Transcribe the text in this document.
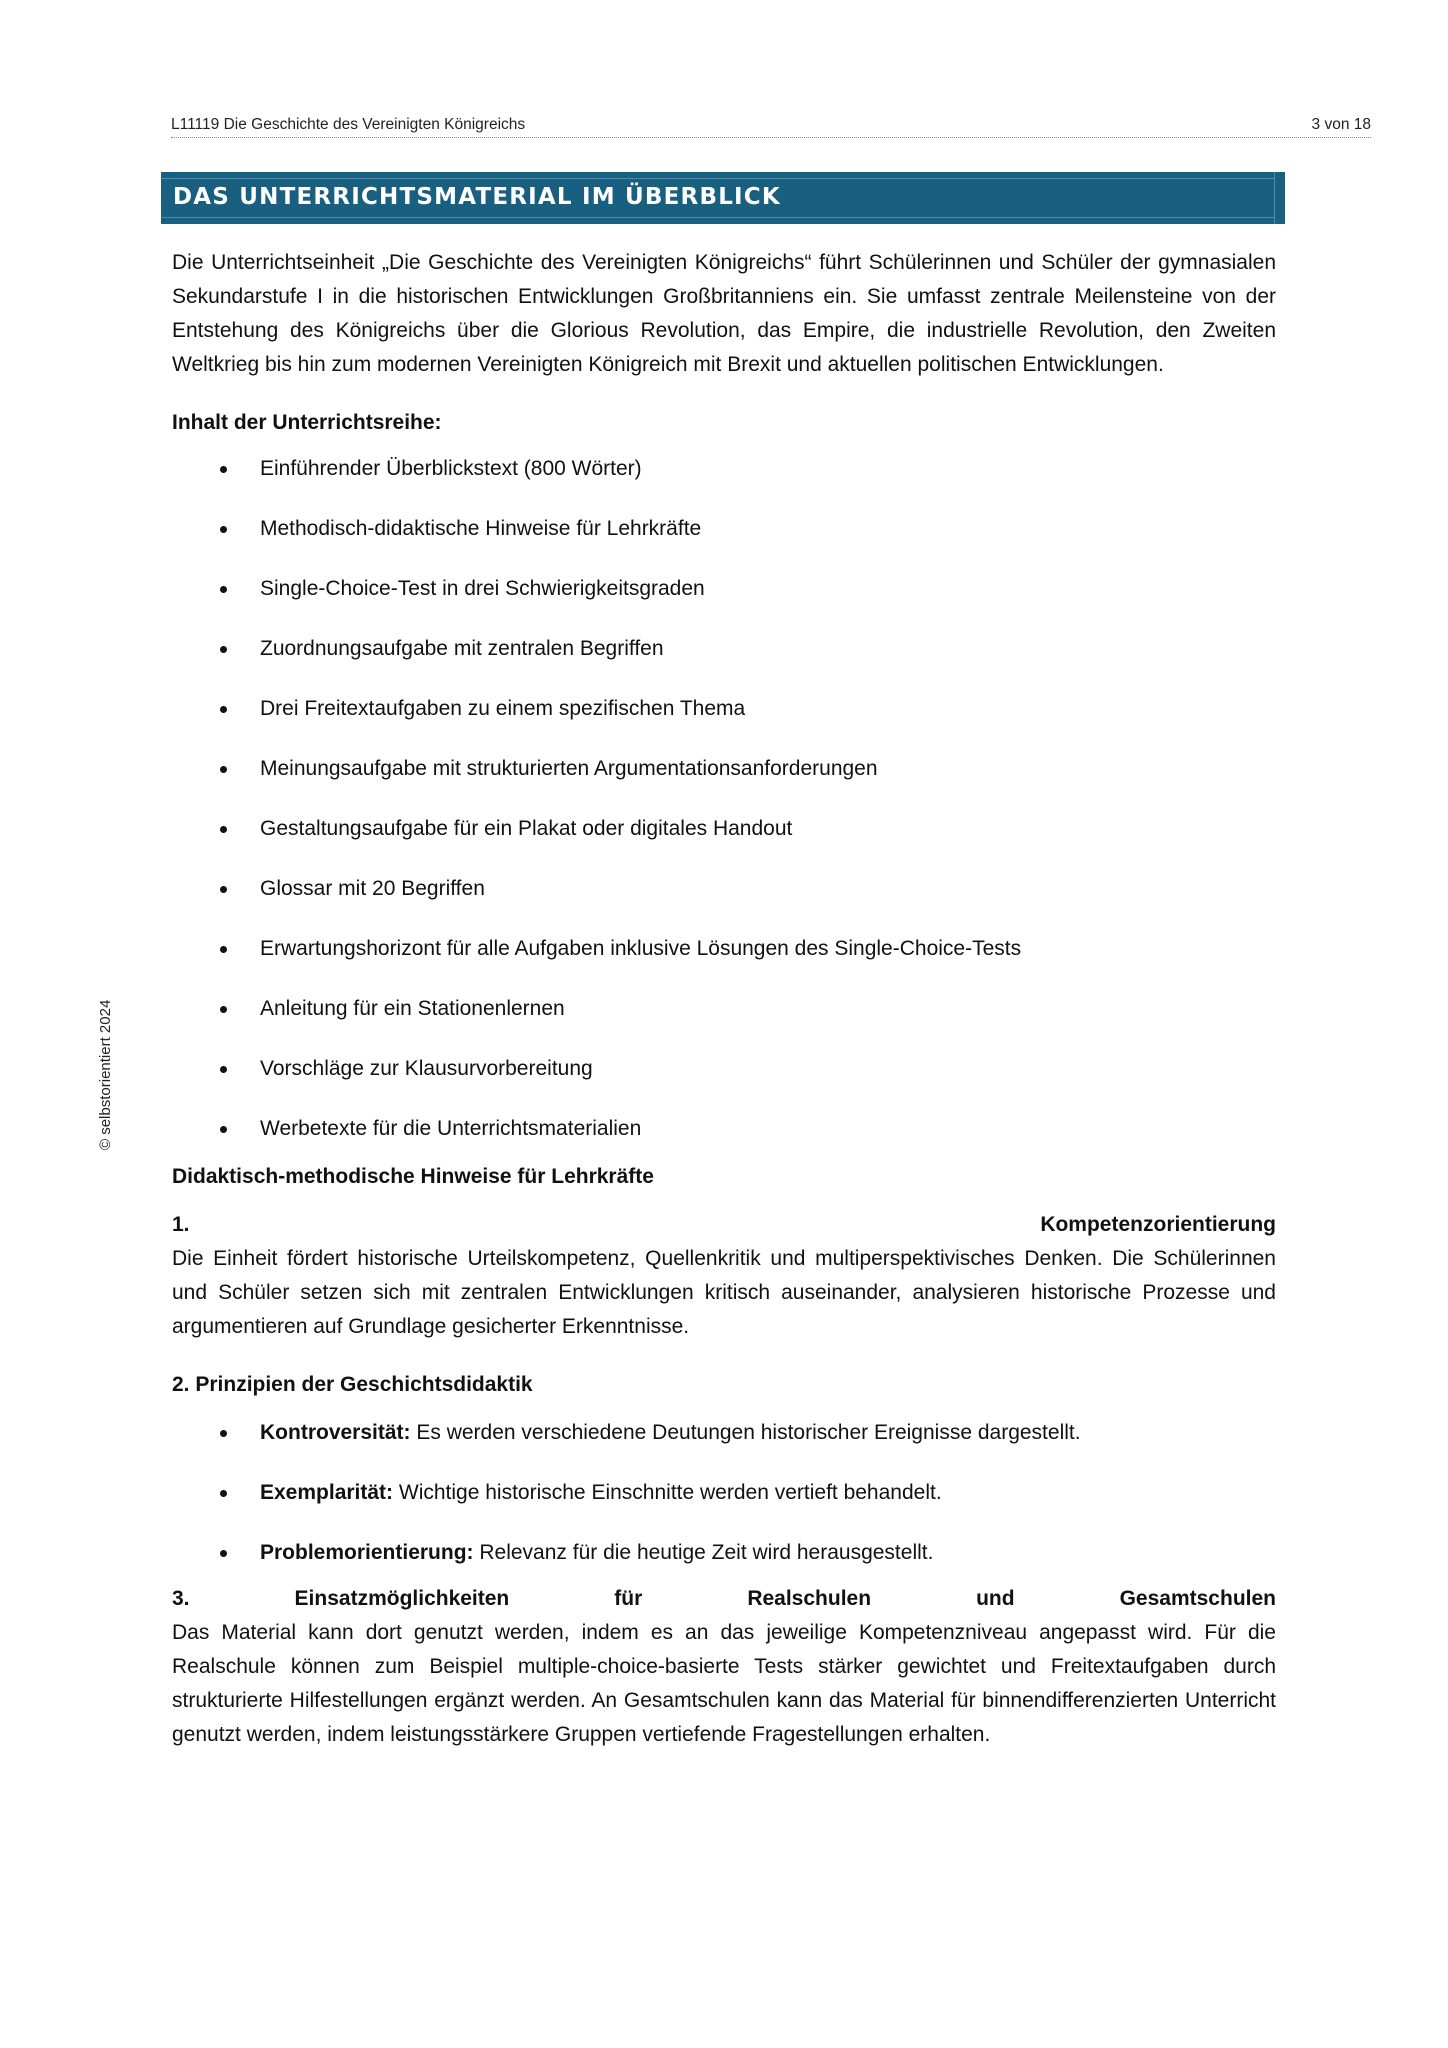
L11119 Die Geschichte des Vereinigten Königreichs	3 von 18
DAS UNTERRICHTSMATERIAL IM ÜBERBLICK
© selbstorientiert 2024

Die Unterrichtseinheit „Die Geschichte des Vereinigten Königreichs“ führt Schülerinnen und Schüler der gymnasialen Sekundarstufe I in die historischen Entwicklungen Großbritanniens ein. Sie umfasst zentrale Meilensteine von der Entstehung des Königreichs über die Glorious Revolution, das Empire, die industrielle Revolution, den Zweiten Weltkrieg bis hin zum modernen Vereinigten Königreich mit Brexit und aktuellen politischen Entwicklungen.

Inhalt der Unterrichtsreihe:

Einführender Überblickstext (800 Wörter)
Methodisch-didaktische Hinweise für Lehrkräfte
Single-Choice-Test in drei Schwierigkeitsgraden
Zuordnungsaufgabe mit zentralen Begriffen
Drei Freitextaufgaben zu einem spezifischen Thema
Meinungsaufgabe mit strukturierten Argumentationsanforderungen
Gestaltungsaufgabe für ein Plakat oder digitales Handout
Glossar mit 20 Begriffen
Erwartungshorizont für alle Aufgaben inklusive Lösungen des Single-Choice-Tests
Anleitung für ein Stationenlernen
Vorschläge zur Klausurvorbereitung
Werbetexte für die Unterrichtsmaterialien

Didaktisch-methodische Hinweise für Lehrkräfte

1.	Kompetenzorientierung

Die Einheit fördert historische Urteilskompetenz, Quellenkritik und multiperspektivisches Denken. Die Schülerinnen und Schüler setzen sich mit zentralen Entwicklungen kritisch auseinander, analysieren historische Prozesse und argumentieren auf Grundlage gesicherter Erkenntnisse.

2. Prinzipien der Geschichtsdidaktik

Kontroversität: Es werden verschiedene Deutungen historischer Ereignisse dargestellt.
Exemplarität: Wichtige historische Einschnitte werden vertieft behandelt.
Problemorientierung: Relevanz für die heutige Zeit wird herausgestellt.
3.	Einsatzmöglichkeiten	für	Realschulen	und	Gesamtschulen

Das Material kann dort genutzt werden, indem es an das jeweilige Kompetenzniveau angepasst wird. Für die Realschule können zum Beispiel multiple-choice-basierte Tests stärker gewichtet und Freitextaufgaben durch strukturierte Hilfestellungen ergänzt werden. An Gesamtschulen kann das Material für binnendifferenzierten Unterricht genutzt werden, indem leistungsstärkere Gruppen vertiefende Fragestellungen erhalten.
